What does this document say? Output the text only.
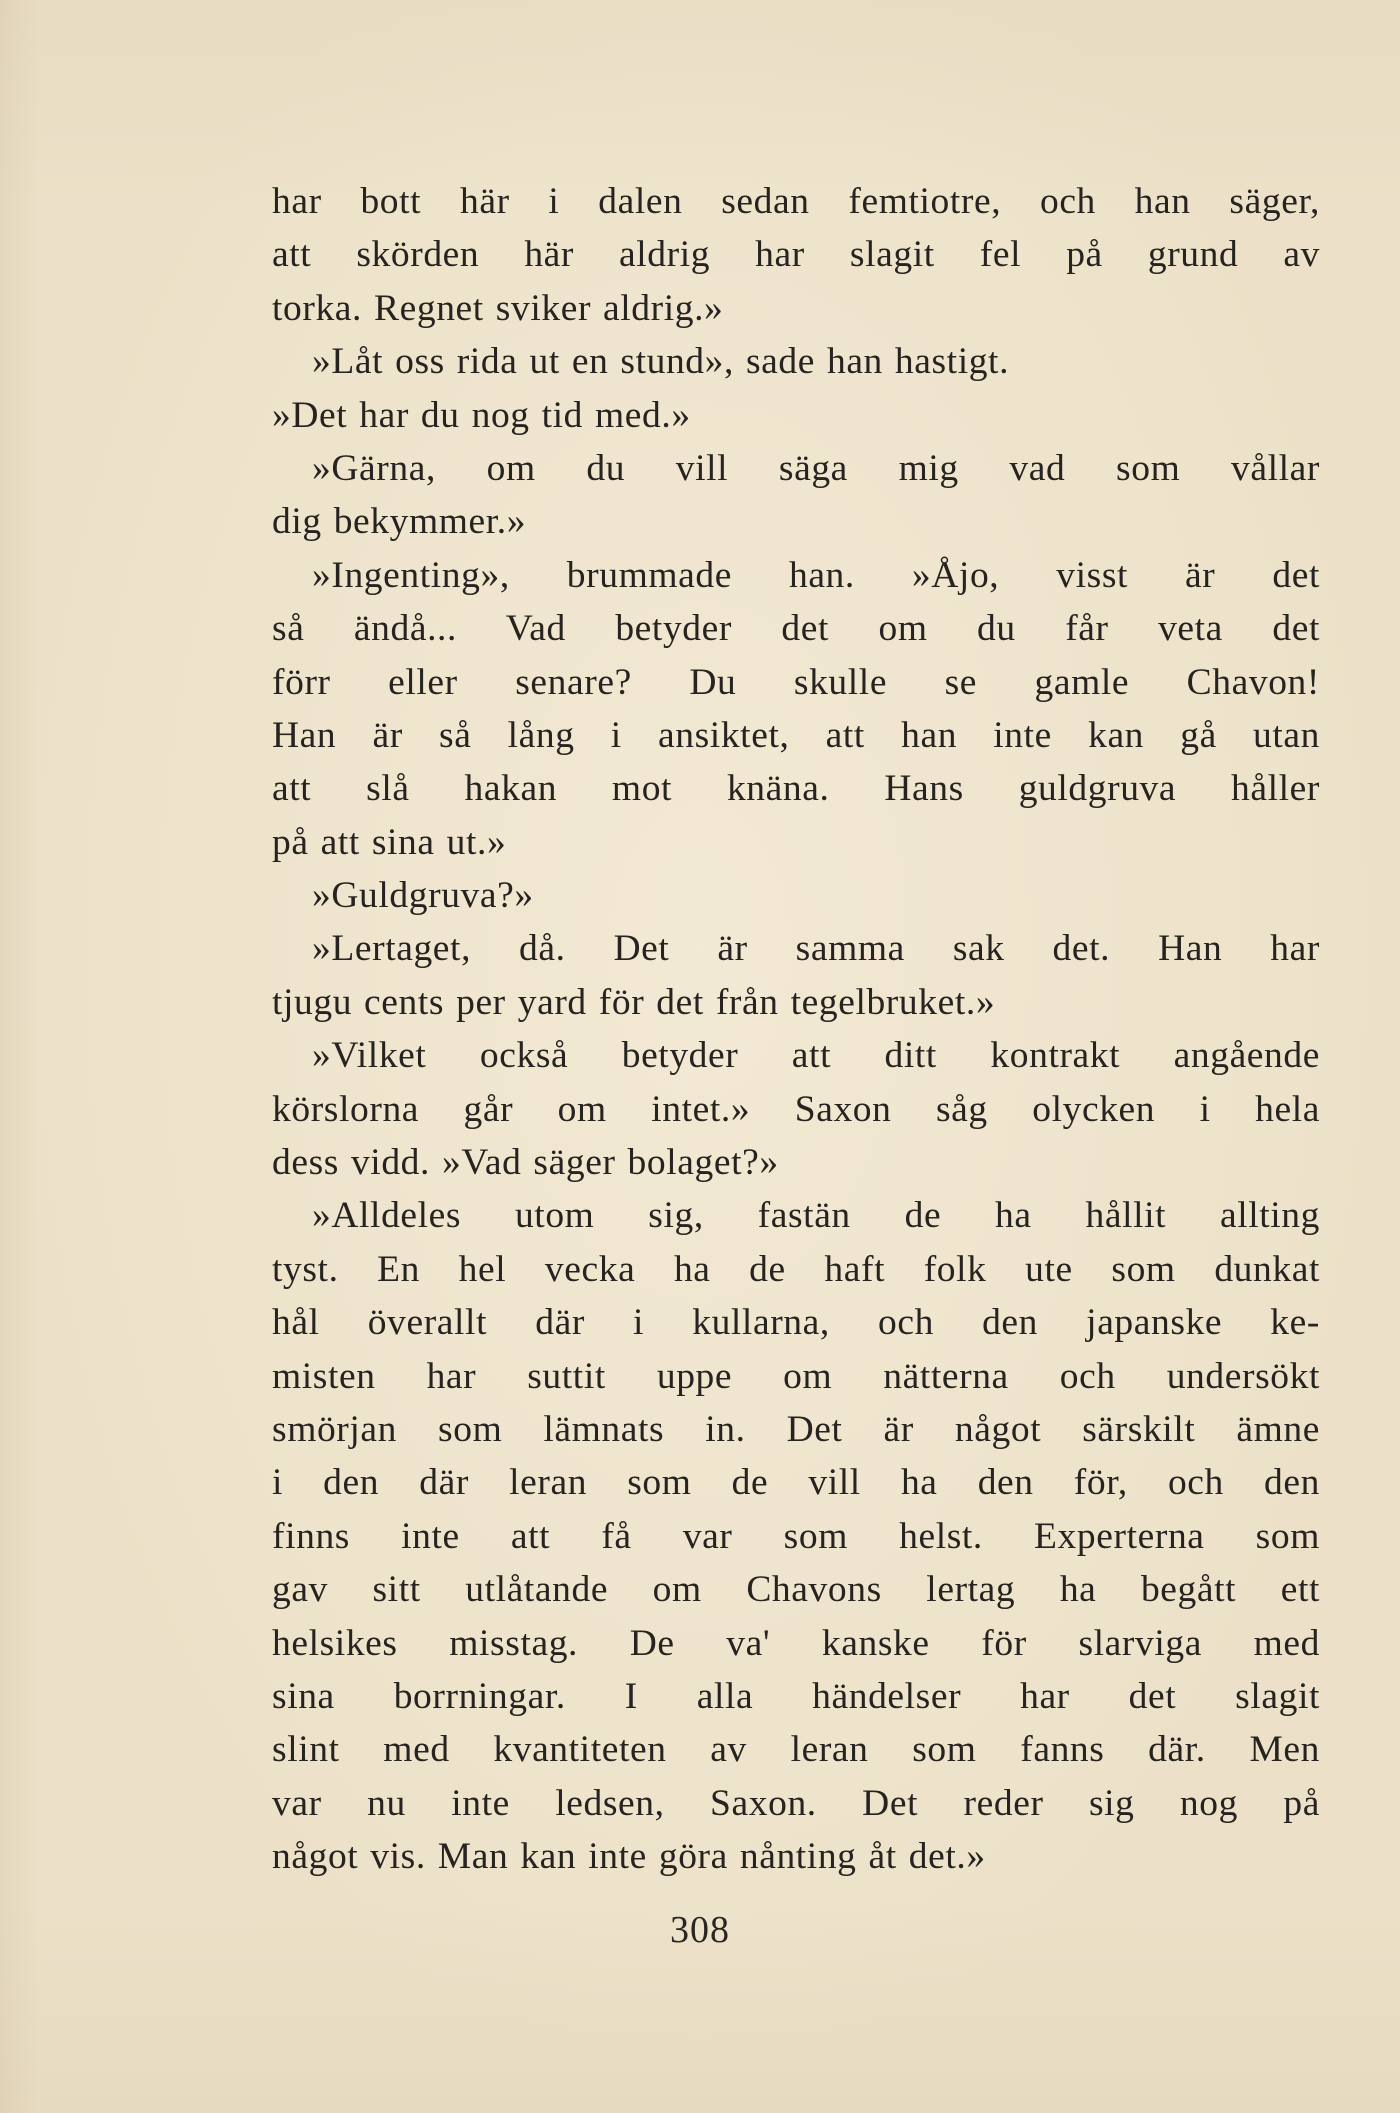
har bott här i dalen sedan femtiotre, och han säger,
att skörden här aldrig har slagit fel på grund av
torka. Regnet sviker aldrig.»
»Låt oss rida ut en stund», sade han hastigt.
»Det har du nog tid med.»
»Gärna, om du vill säga mig vad som vållar
dig bekymmer.»
»Ingenting», brummade han. »Åjo, visst är det
så ändå... Vad betyder det om du får veta det
förr eller senare? Du skulle se gamle Chavon!
Han är så lång i ansiktet, att han inte kan gå utan
att slå hakan mot knäna. Hans guldgruva håller
på att sina ut.»
»Guldgruva?»
»Lertaget, då. Det är samma sak det. Han har
tjugu cents per yard för det från tegelbruket.»
»Vilket också betyder att ditt kontrakt angående
körslorna går om intet.» Saxon såg olycken i hela
dess vidd. »Vad säger bolaget?»
»Alldeles utom sig, fastän de ha hållit allting
tyst. En hel vecka ha de haft folk ute som dunkat
hål överallt där i kullarna, och den japanske ke-
misten har suttit uppe om nätterna och undersökt
smörjan som lämnats in. Det är något särskilt ämne
i den där leran som de vill ha den för, och den
finns inte att få var som helst. Experterna som
gav sitt utlåtande om Chavons lertag ha begått ett
helsikes misstag. De va' kanske för slarviga med
sina borrningar. I alla händelser har det slagit
slint med kvantiteten av leran som fanns där. Men
var nu inte ledsen, Saxon. Det reder sig nog på
något vis. Man kan inte göra nånting åt det.»
308
